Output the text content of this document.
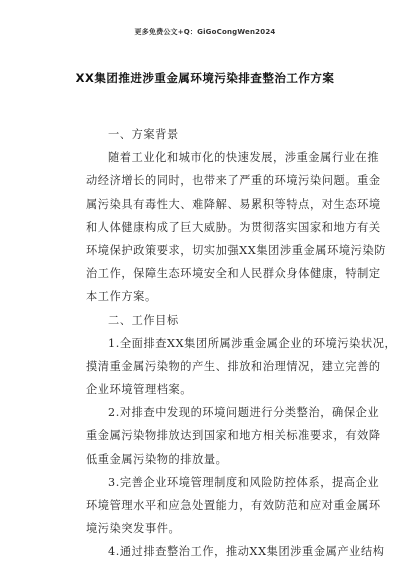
更多免费公文+Q：GiGoCongWen2024
XX集团推进涉重金属环境污染排查整治工作方案
一、方案背景
随着工业化和城市化的快速发展，涉重金属行业在推
动经济增长的同时，也带来了严重的环境污染问题。重金
属污染具有毒性大、难降解、易累积等特点，对生态环境
和人体健康构成了巨大威胁。为贯彻落实国家和地方有关
环境保护政策要求，切实加强XX集团涉重金属环境污染防
治工作，保障生态环境安全和人民群众身体健康，特制定
本工作方案。
二、工作目标
1.全面排查XX集团所属涉重金属企业的环境污染状况，
摸清重金属污染物的产生、排放和治理情况，建立完善的
企业环境管理档案。
2.对排查中发现的环境问题进行分类整治，确保企业
重金属污染物排放达到国家和地方相关标准要求，有效降
低重金属污染物的排放量。
3.完善企业环境管理制度和风险防控体系，提高企业
环境管理水平和应急处置能力，有效防范和应对重金属环
境污染突发事件。
4.通过排查整治工作，推动XX集团涉重金属产业结构
